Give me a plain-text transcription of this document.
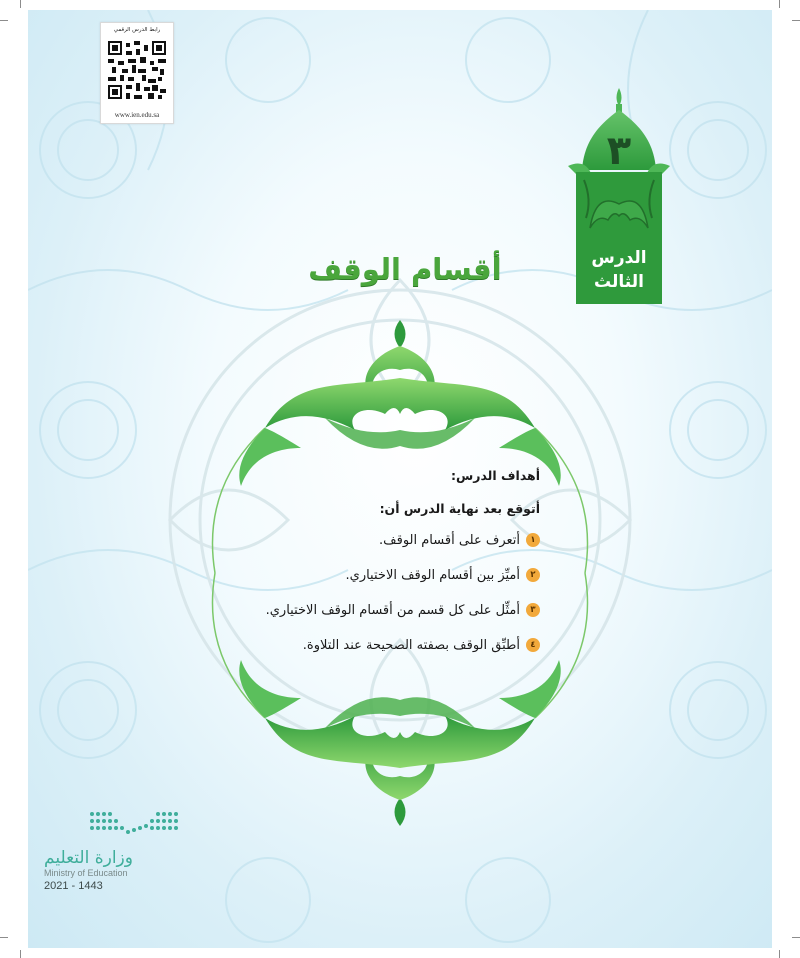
رابط الدرس الرقمي
www.ien.edu.sa
٣
الدرس
الثالث
أقسام الوقف
أهداف الدرس:
أتوقع بعد نهاية الدرس أن:
١
أتعرف على أقسام الوقف.
٢
أميِّز بين أقسام الوقف الاختياري.
٣
أمثِّل على كل قسم من أقسام الوقف الاختياري.
٤
أطبِّق الوقف بصفته الصحيحة عند التلاوة.
وزارة التعليم
Ministry of Education
2021 - 1443
